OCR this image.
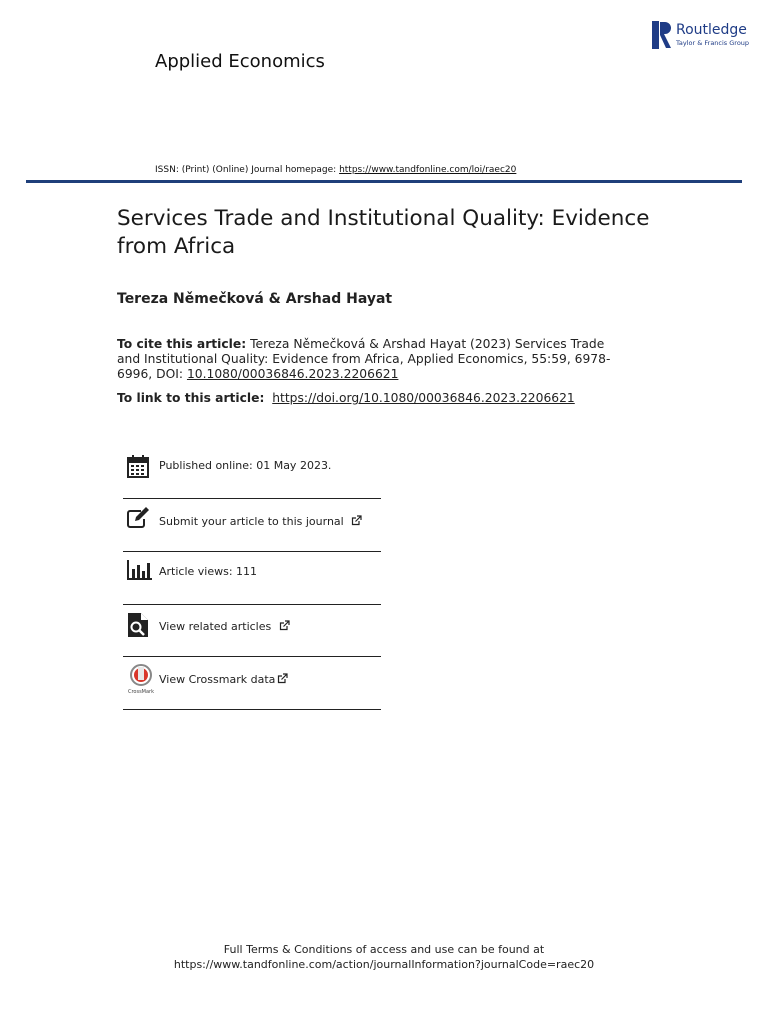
Applied Economics
Routledge
Taylor & Francis Group
ISSN: (Print) (Online) Journal homepage: https://www.tandfonline.com/loi/raec20
Services Trade and Institutional Quality: Evidence from Africa
Tereza Němečková & Arshad Hayat
To cite this article: Tereza Němečková & Arshad Hayat (2023) Services Trade and Institutional Quality: Evidence from Africa, Applied Economics, 55:59, 6978-6996, DOI: 10.1080/00036846.2023.2206621
To link to this article: https://doi.org/10.1080/00036846.2023.2206621
Published online: 01 May 2023.
Submit your article to this journal
Article views: 111
View related articles
CrossMark
View Crossmark data
Full Terms & Conditions of access and use can be found at
https://www.tandfonline.com/action/journalInformation?journalCode=raec20
